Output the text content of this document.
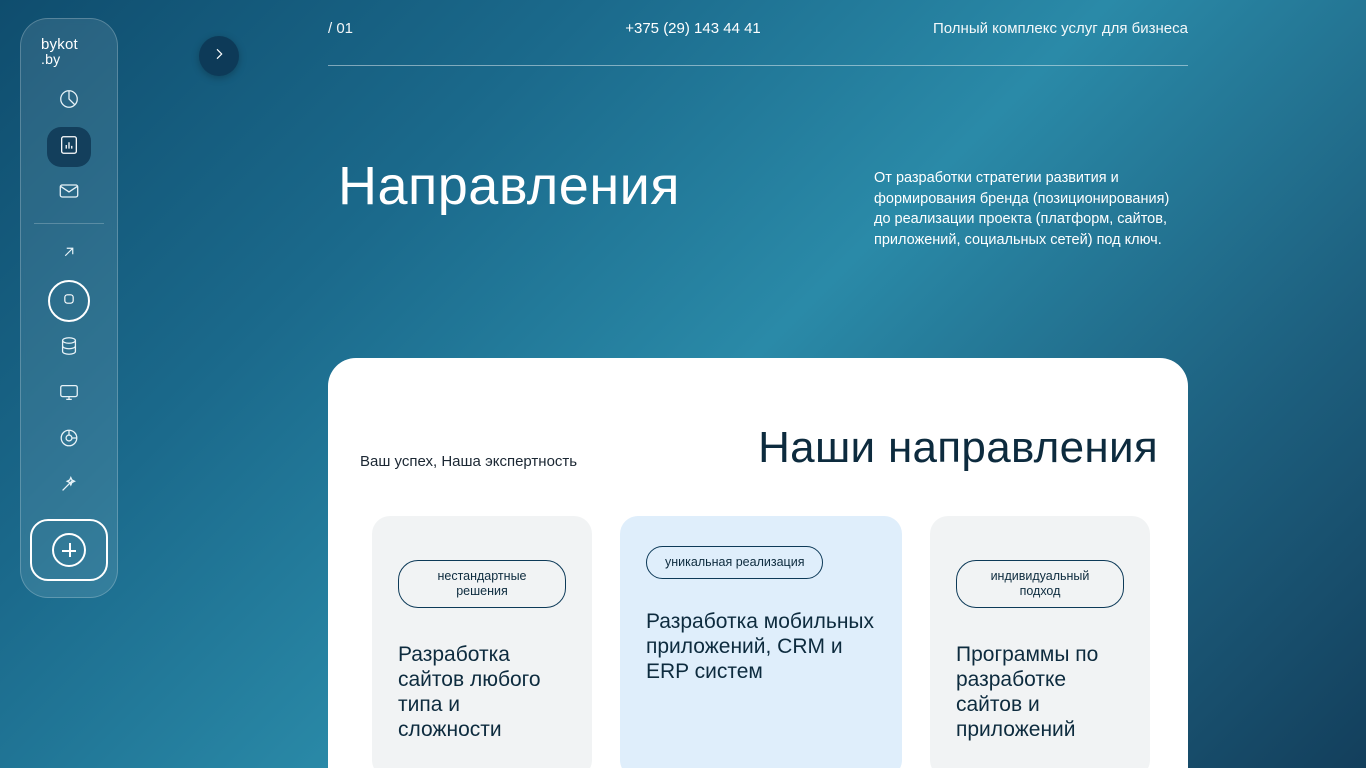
bykot
.by
/ 01	+375 (29) 143 44 41	Полный комплекс услуг для бизнеса
Направления	От разработки стратегии развития и формирования бренда (позиционирования) до реализации проекта (платформ, сайтов, приложений, социальных сетей) под ключ.
Ваш успех, Наша экспертность	Наши направления
нестандартные решения
Разработка сайтов любого типа и сложности
уникальная реализация
Разработка мобильных приложений, CRM и ERP систем
индивидуальный подход
Программы по разработке сайтов и приложений
